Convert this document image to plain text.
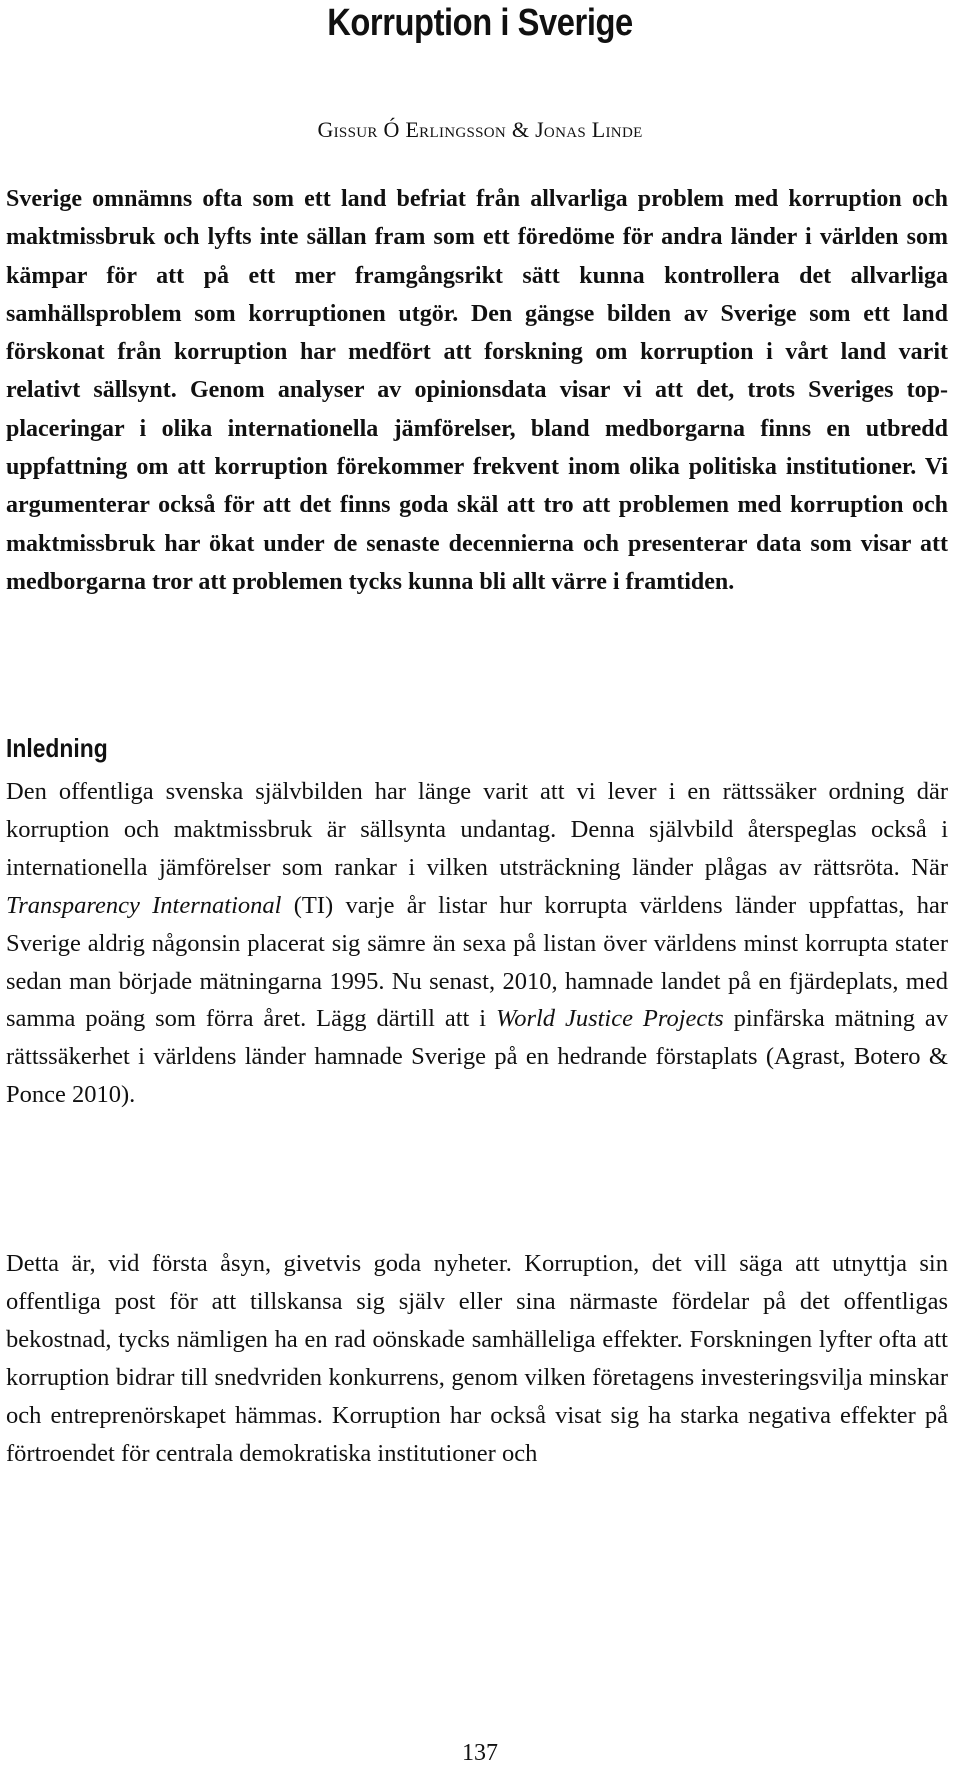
Korruption i Sverige
Gissur Ó Erlingsson & Jonas Linde
Sverige omnämns ofta som ett land befriat från allvarliga problem med korruption och maktmissbruk och lyfts inte sällan fram som ett föredöme för andra länder i världen som kämpar för att på ett mer framgångsrikt sätt kunna kontrollera det allvarliga samhällsproblem som korruptionen utgör. Den gängse bilden av Sverige som ett land förskonat från korruption har medfört att forskning om korruption i vårt land varit relativt sällsynt. Genom analyser av opinionsdata visar vi att det, trots Sveriges topplaceringar i olika internationella jämförelser, bland medborgarna finns en utbredd uppfattning om att korruption förekommer frekvent inom olika politiska institutioner. Vi argumenterar också för att det finns goda skäl att tro att problemen med korruption och maktmissbruk har ökat under de senaste decennierna och presenterar data som visar att medborgarna tror att problemen tycks kunna bli allt värre i framtiden.
Inledning
Den offentliga svenska självbilden har länge varit att vi lever i en rättssäker ordning där korruption och maktmissbruk är sällsynta undantag. Denna självbild återspeglas också i internationella jämförelser som rankar i vilken utsträckning länder plågas av rättsröta. När Transparency International (TI) varje år listar hur korrupta världens länder uppfattas, har Sverige aldrig någonsin placerat sig sämre än sexa på listan över världens minst korrupta stater sedan man började mätningarna 1995. Nu senast, 2010, hamnade landet på en fjärdeplats, med samma poäng som förra året. Lägg därtill att i World Justice Projects pinfärska mätning av rättssäkerhet i världens länder hamnade Sverige på en hedrande förstaplats (Agrast, Botero & Ponce 2010).
Detta är, vid första åsyn, givetvis goda nyheter. Korruption, det vill säga att utnyttja sin offentliga post för att tillskansa sig själv eller sina närmaste fördelar på det offentligas bekostnad, tycks nämligen ha en rad oönskade samhälleliga effekter. Forskningen lyfter ofta att korruption bidrar till snedvriden konkurrens, genom vilken företagens investeringsvilja minskar och entreprenörskapet hämmas. Korruption har också visat sig ha starka negativa effekter på förtroendet för centrala demokratiska institutioner och
137
